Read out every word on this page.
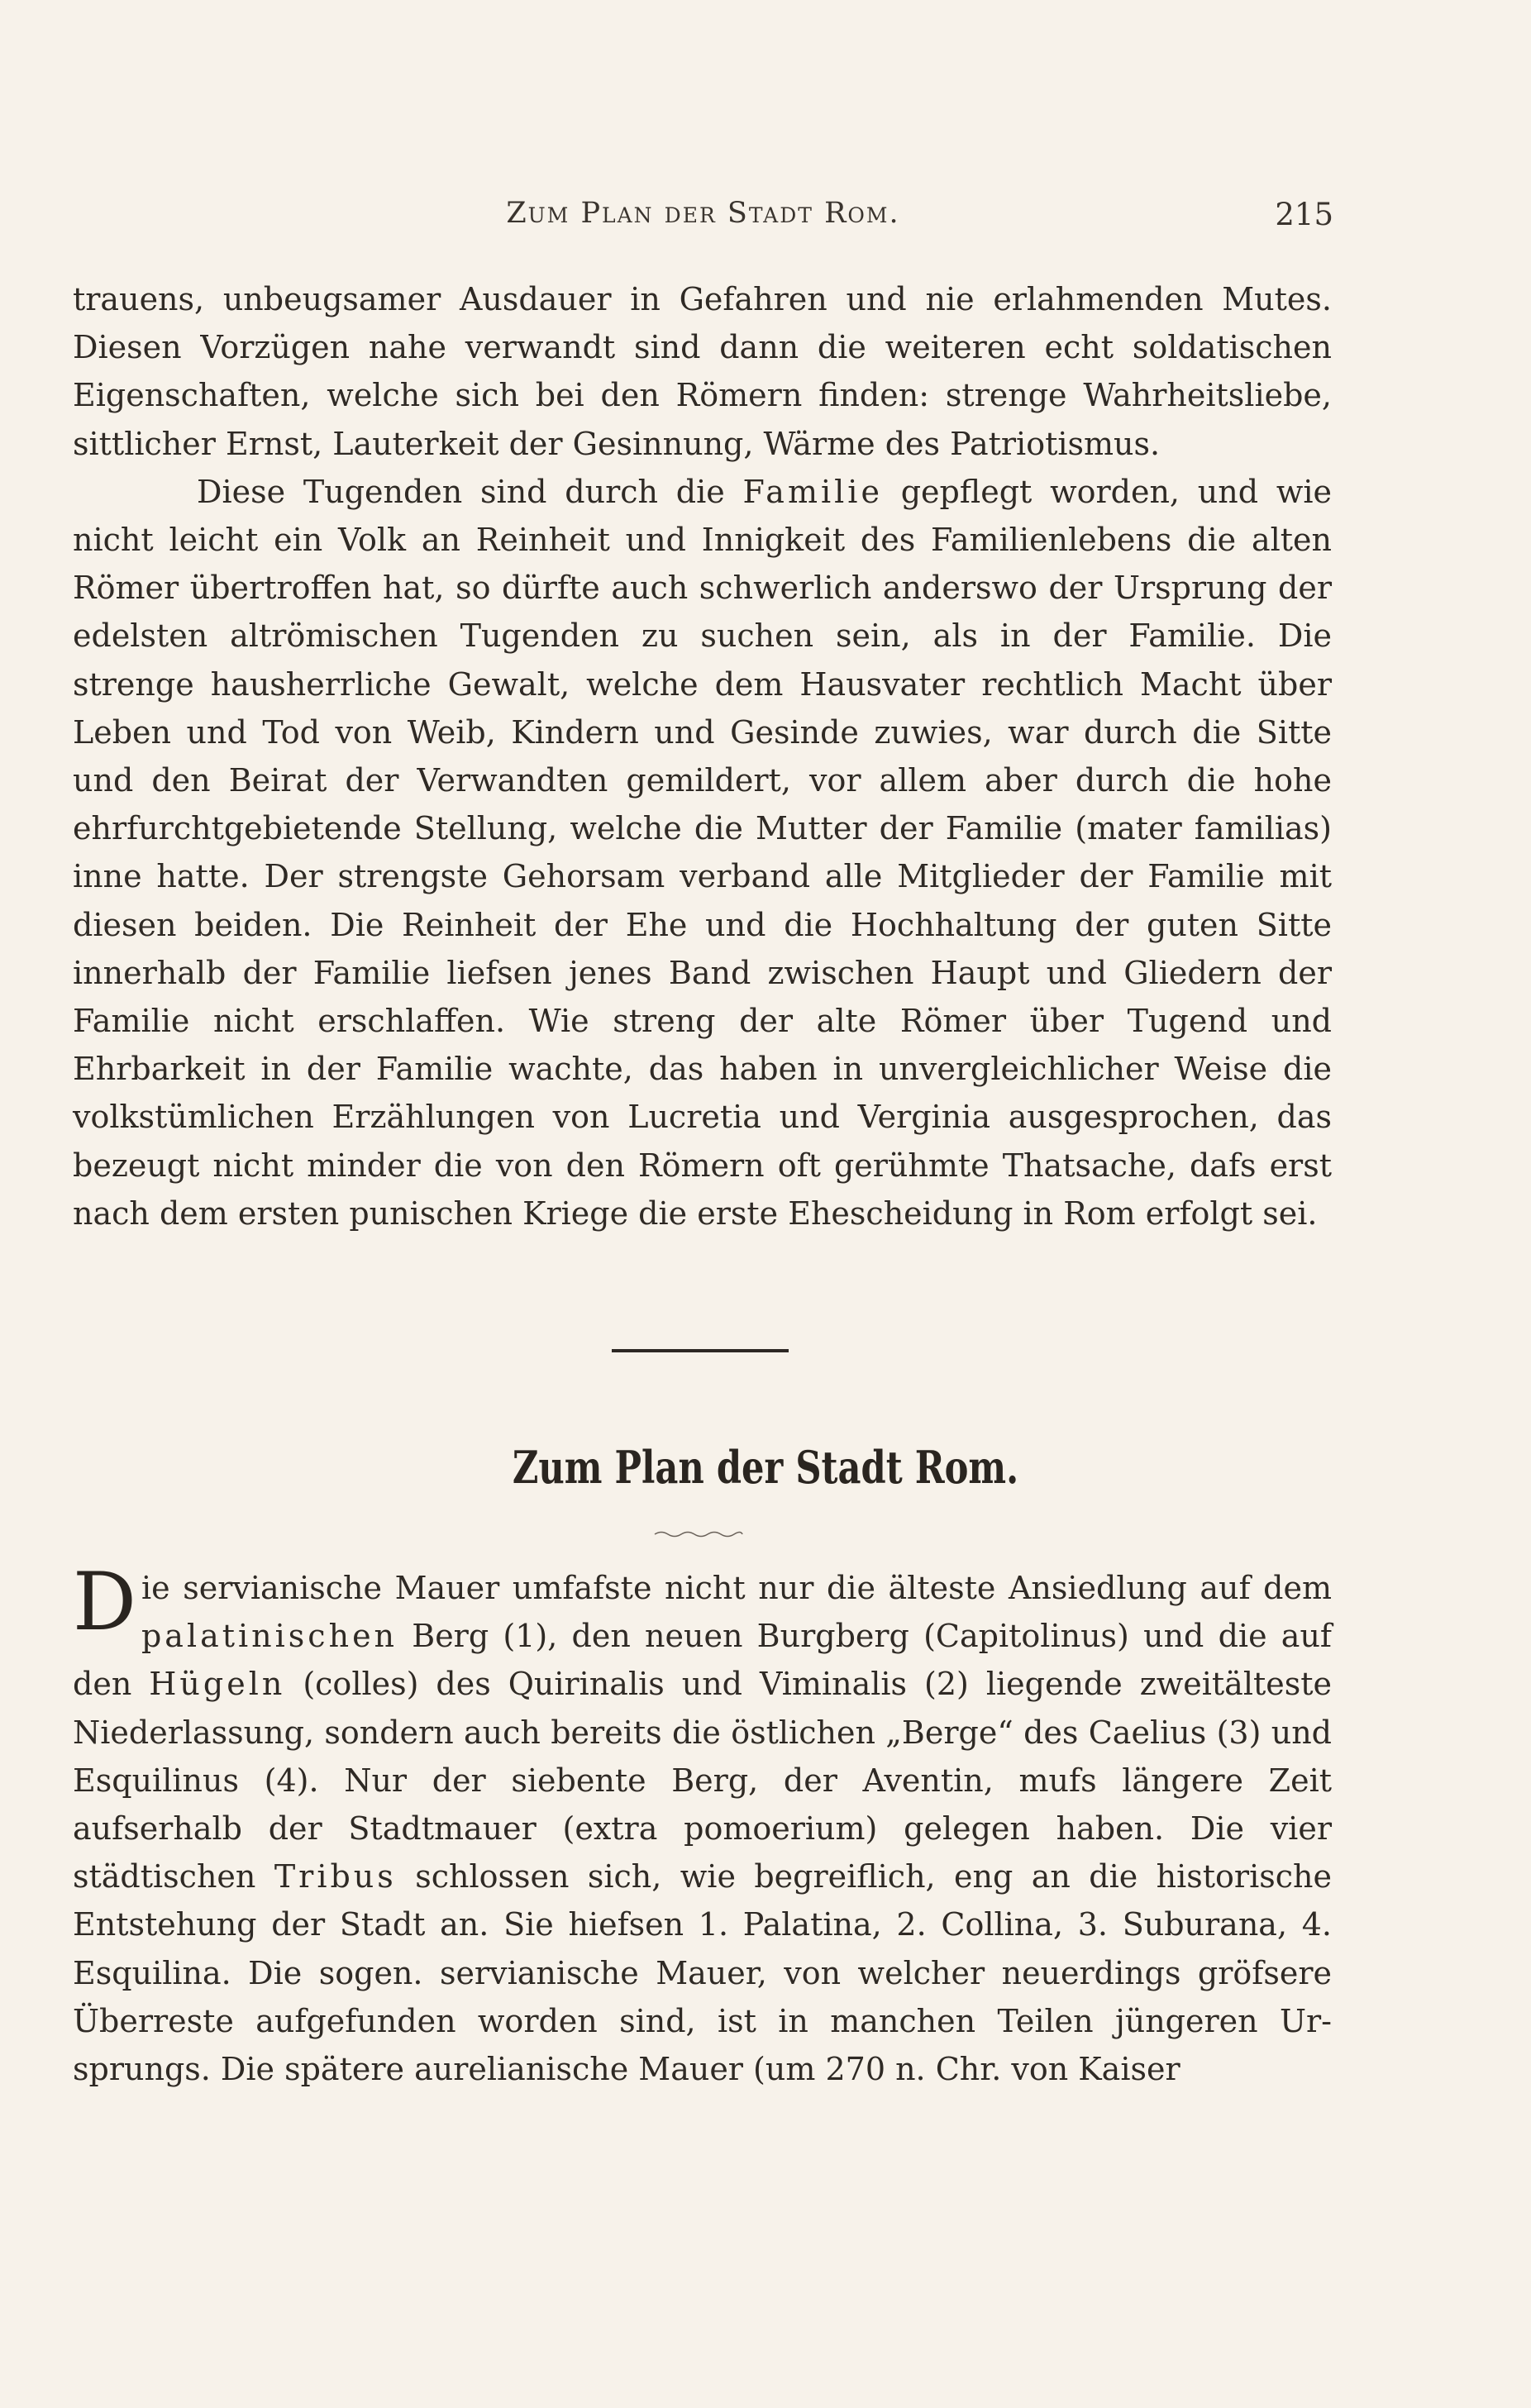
Zum Plan der Stadt Rom.	215

trauens, unbeugsamer Ausdauer in Gefahren und nie erlahmenden Mutes. Diesen Vorzügen nahe verwandt sind dann die weiteren echt soldatischen Eigenschaften, welche sich bei den Römern finden: strenge Wahrheitsliebe, sittlicher Ernst, Lauterkeit der Gesinnung, Wärme des Patriotismus.

Diese Tugenden sind durch die Familie gepflegt worden, und wie nicht leicht ein Volk an Reinheit und Innigkeit des Familienlebens die alten Römer übertroffen hat, so dürfte auch schwerlich anderswo der Ursprung der edelsten altrömischen Tugenden zu suchen sein, als in der Familie. Die strenge hausherrliche Gewalt, welche dem Hausvater rechtlich Macht über Leben und Tod von Weib, Kindern und Gesinde zuwies, war durch die Sitte und den Beirat der Verwandten gemildert, vor allem aber durch die hohe ehrfurchtgebietende Stellung, welche die Mutter der Familie (mater familias) inne hatte. Der strengste Gehorsam verband alle Mitglieder der Familie mit diesen beiden. Die Reinheit der Ehe und die Hochhaltung der guten Sitte innerhalb der Familie liefsen jenes Band zwischen Haupt und Gliedern der Familie nicht erschlaffen. Wie streng der alte Römer über Tugend und Ehrbarkeit in der Familie wachte, das haben in unvergleichlicher Weise die volkstümlichen Erzählungen von Lucretia und Verginia ausgesprochen, das bezeugt nicht minder die von den Römern oft gerühmte Thatsache, dafs erst nach dem ersten punischen Kriege die erste Ehescheidung in Rom erfolgt sei.

Zum Plan der Stadt Rom.

Die servianische Mauer umfafste nicht nur die älteste Ansiedlung auf dem palatinischen Berg (1), den neuen Burgberg (Capitolinus) und die auf den Hügeln (colles) des Quirinalis und Viminalis (2) liegende zweitälteste Niederlassung, sondern auch bereits die östlichen „Berge“ des Caelius (3) und Esquilinus (4). Nur der siebente Berg, der Aventin, mufs längere Zeit aufserhalb der Stadtmauer (extra pomoerium) gelegen haben. Die vier städtischen Tribus schlossen sich, wie begreiflich, eng an die historische Entstehung der Stadt an. Sie hiefsen 1. Palatina, 2. Collina, 3. Suburana, 4. Esquilina. Die sogen. servianische Mauer, von welcher neuerdings gröfsere Überreste aufgefunden worden sind, ist in manchen Teilen jüngeren Ursprungs. Die spätere aurelianische Mauer (um 270 n. Chr. von Kaiser
